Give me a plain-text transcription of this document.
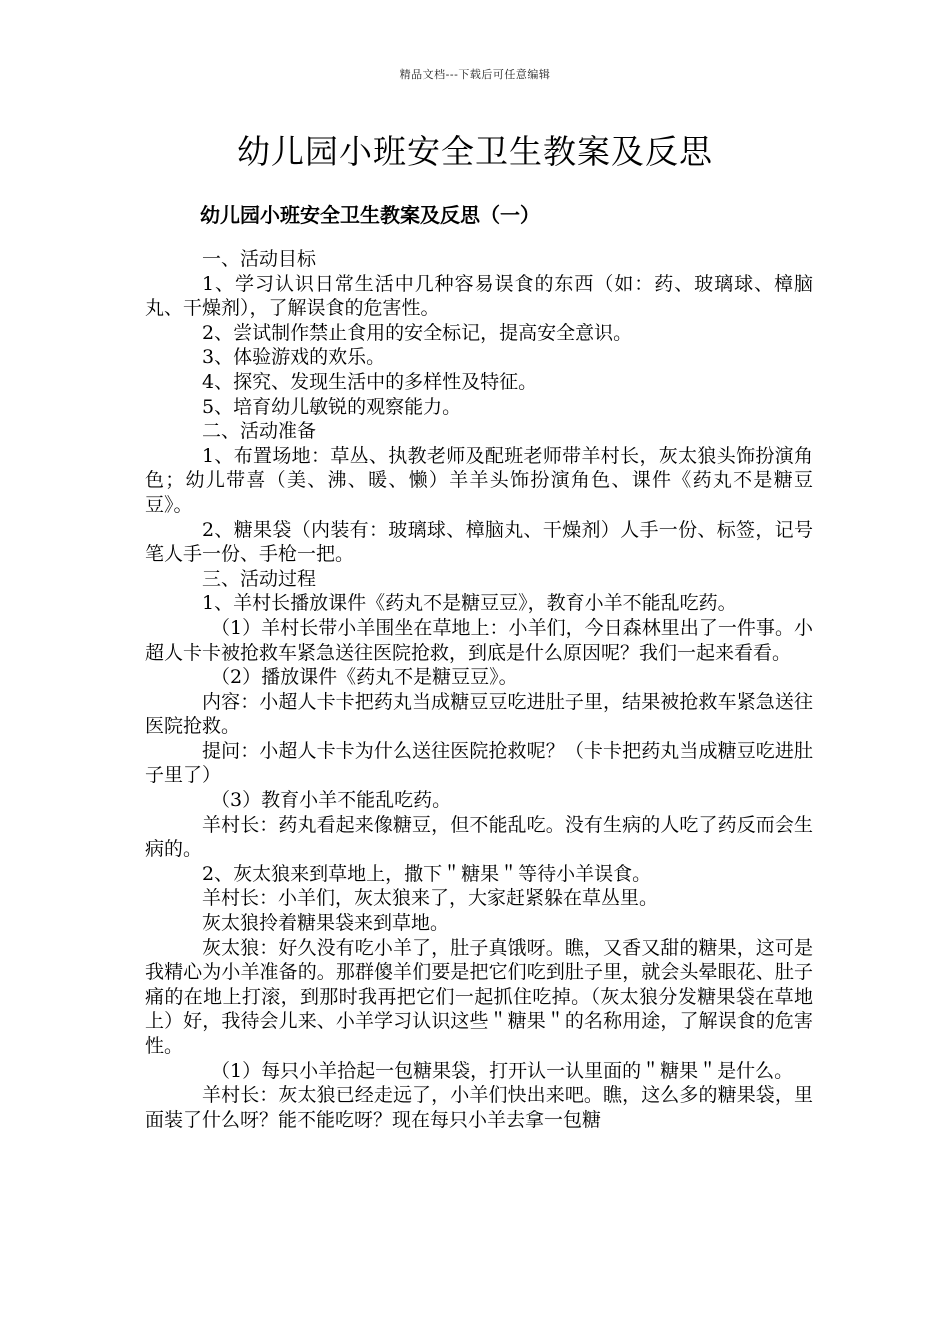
精品文档---下载后可任意编辑
幼儿园小班安全卫生教案及反思
幼儿园小班安全卫生教案及反思（一）

一、活动目标

1、学习认识日常生活中几种容易误食的东西（如：药、玻璃球、樟脑丸、干燥剂），了解误食的危害性。

2、尝试制作禁止食用的安全标记，提高安全意识。

3、体验游戏的欢乐。

4、探究、发现生活中的多样性及特征。

5、培育幼儿敏锐的观察能力。

二、活动准备

1、布置场地：草丛、执教老师及配班老师带羊村长，灰太狼头饰扮演角色；幼儿带喜（美、沸、暖、懒）羊羊头饰扮演角色、课件《药丸不是糖豆豆》。

2、糖果袋（内装有：玻璃球、樟脑丸、干燥剂）人手一份、标签，记号笔人手一份、手枪一把。

三、活动过程

1、羊村长播放课件《药丸不是糖豆豆》，教育小羊不能乱吃药。

（1）羊村长带小羊围坐在草地上：小羊们，今日森林里出了一件事。小超人卡卡被抢救车紧急送往医院抢救，到底是什么原因呢？我们一起来看看。

（2）播放课件《药丸不是糖豆豆》。

内容：小超人卡卡把药丸当成糖豆豆吃进肚子里，结果被抢救车紧急送往医院抢救。

提问：小超人卡卡为什么送往医院抢救呢？（卡卡把药丸当成糖豆吃进肚子里了）

（3）教育小羊不能乱吃药。

羊村长：药丸看起来像糖豆，但不能乱吃。没有生病的人吃了药反而会生病的。

2、灰太狼来到草地上，撒下＂糖果＂等待小羊误食。

羊村长：小羊们，灰太狼来了，大家赶紧躲在草丛里。

灰太狼拎着糖果袋来到草地。

灰太狼：好久没有吃小羊了，肚子真饿呀。瞧，又香又甜的糖果，这可是我精心为小羊准备的。那群傻羊们要是把它们吃到肚子里，就会头晕眼花、肚子痛的在地上打滚，到那时我再把它们一起抓住吃掉。（灰太狼分发糖果袋在草地上）好，我待会儿来、小羊学习认识这些＂糖果＂的名称用途，了解误食的危害性。

（1）每只小羊拾起一包糖果袋，打开认一认里面的＂糖果＂是什么。

羊村长：灰太狼已经走远了，小羊们快出来吧。瞧，这么多的糖果袋，里面装了什么呀？能不能吃呀？现在每只小羊去拿一包糖
